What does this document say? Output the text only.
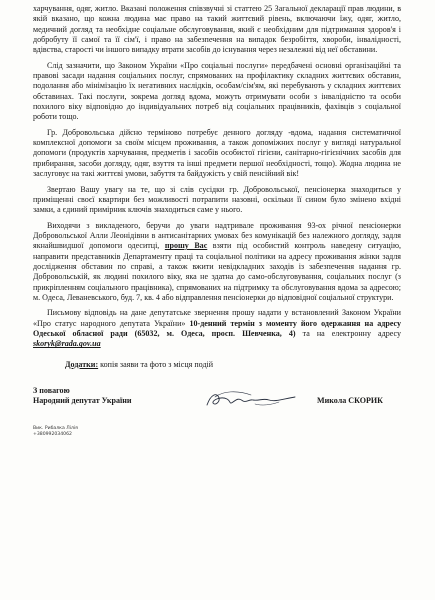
харчування, одяг, житло. Вказані положення співзвучні зі статтею 25 Загальної декларації прав людини, в якій вказано, що кожна людина має право на такий життєвий рівень, включаючи їжу, одяг, житло, медичний догляд та необхідне соціальне обслуговування, який є необхідним для підтримання здоров'я і добробуту її самої та її сім'ї, і право на забезпечення на випадок безробіття, хвороби, інвалідності, вдівства, старості чи іншого випадку втрати засобів до існування через незалежні від неї обставини.

Слід зазначити, що Законом України «Про соціальні послуги» передбачені основні організаційні та правові засади надання соціальних послуг, спрямованих на профілактику складних життєвих обставин, подолання або мінімізацію їх негативних наслідків, особам/сім'ям, які перебувають у складних життєвих обставинах. Такі послуги, зокрема догляд вдома, можуть отримувати особи з інвалідністю та особи похилого віку відповідно до індивідуальних потреб від соціальних працівників, фахівців з соціальної роботи тощо.

Гр. Добровольська дійсно терміново потребує денного догляду -вдома, надання систематичної комплексної допомоги за своїм місцем проживання, а також допоміжних послуг у вигляді натуральної допомоги (продуктів харчування, предметів і засобів особистої гігієни, санітарно-гігієнічних засобів для прибирання, засоби догляду, одяг, взуття та інші предмети першої необхідності, тощо). Жодна людина не заслуговує на такі життєві умови, забуття та байдужість у свій пенсійний вік!

Звертаю Вашу увагу на те, що зі слів сусідки гр. Добровольської, пенсіонерка знаходиться у приміщенні своєї квартири без можливості потрапити назовні, оскільки її сином було змінено вхідні замки, а єдиний примірник ключів знаходиться саме у нього.

Виходячи з викладеного, беручи до уваги надтривале проживання 93-ох річної пенсіонерки Добровольської Алли Леонідівни в антисанітарних умовах без комунікацій без належного догляду, задля якнайшвидшої допомоги одеситці, прошу Вас взяти під особистий контроль наведену ситуацію, направити представників Департаменту праці та соціальної політики на адресу проживання жінки задля дослідження обставин по справі, а також вжити невідкладних заходів із забезпечення надання гр. Добровольській, як людині похилого віку, яка не здатна до само-обслуговування, соціальних послуг (з прикріпленням соціального працівника), спрямованих на підтримку та обслуговування вдома за адресою; м. Одеса, Леваневського, буд. 7, кв. 4 або відправлення пенсіонерки до відповідної соціальної структури.

Письмову відповідь на дане депутатське звернення прошу надати у встановлений Законом України «Про статус народного депутата України» 10-денний термін з моменту його одержання на адресу Одеської обласної ради (65032, м. Одеса, просп. Шевченка, 4) та на електронну адресу skoryk@rada.gov.ua

Додатки: копія заяви та фото з місця подій

З повагою
Народний депутат України	Микола СКОРИК
Вик. Рибалка Лілія
+380992034062
